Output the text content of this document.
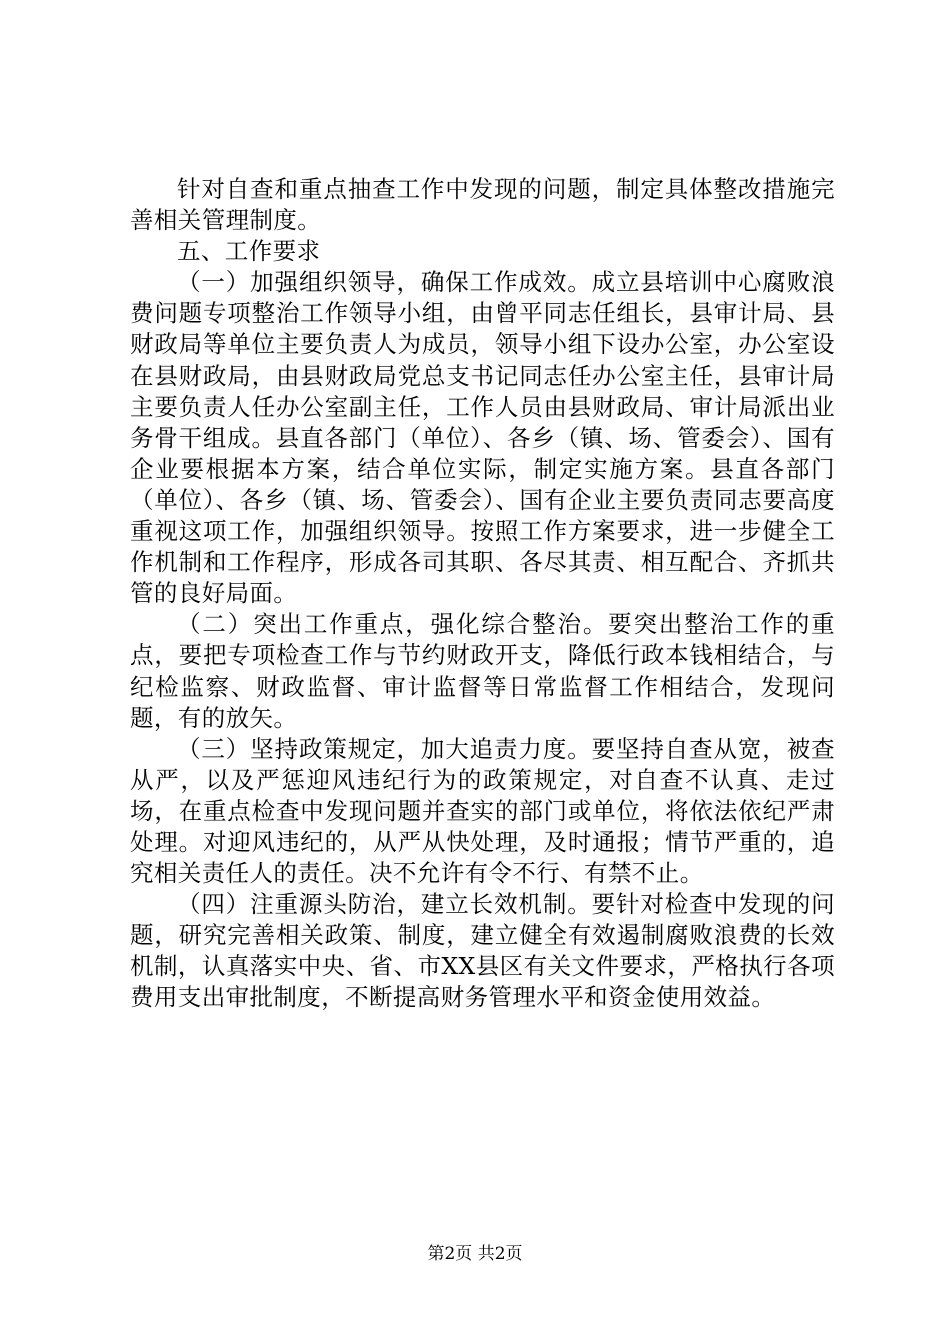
针对自查和重点抽查工作中发现的问题，制定具体整改措施完善相关管理制度。

五、工作要求

（一）加强组织领导，确保工作成效。成立县培训中心腐败浪费问题专项整治工作领导小组，由曾平同志任组长，县审计局、县财政局等单位主要负责人为成员，领导小组下设办公室，办公室设在县财政局，由县财政局党总支书记同志任办公室主任，县审计局主要负责人任办公室副主任，工作人员由县财政局、审计局派出业务骨干组成。县直各部门（单位）、各乡（镇、场、管委会）、国有企业要根据本方案，结合单位实际，制定实施方案。县直各部门（单位）、各乡（镇、场、管委会）、国有企业主要负责同志要高度重视这项工作，加强组织领导。按照工作方案要求，进一步健全工作机制和工作程序，形成各司其职、各尽其责、相互配合、齐抓共管的良好局面。

（二）突出工作重点，强化综合整治。要突出整治工作的重点，要把专项检查工作与节约财政开支，降低行政本钱相结合，与纪检监察、财政监督、审计监督等日常监督工作相结合，发现问题，有的放矢。

（三）坚持政策规定，加大追责力度。要坚持自查从宽，被查从严，以及严惩迎风违纪行为的政策规定，对自查不认真、走过场，在重点检查中发现问题并查实的部门或单位，将依法依纪严肃处理。对迎风违纪的，从严从快处理，及时通报；情节严重的，追究相关责任人的责任。决不允许有令不行、有禁不止。

（四）注重源头防治，建立长效机制。要针对检查中发现的问题，研究完善相关政策、制度，建立健全有效遏制腐败浪费的长效机制，认真落实中央、省、市XX县区有关文件要求，严格执行各项费用支出审批制度，不断提高财务管理水平和资金使用效益。

第2页 共2页
